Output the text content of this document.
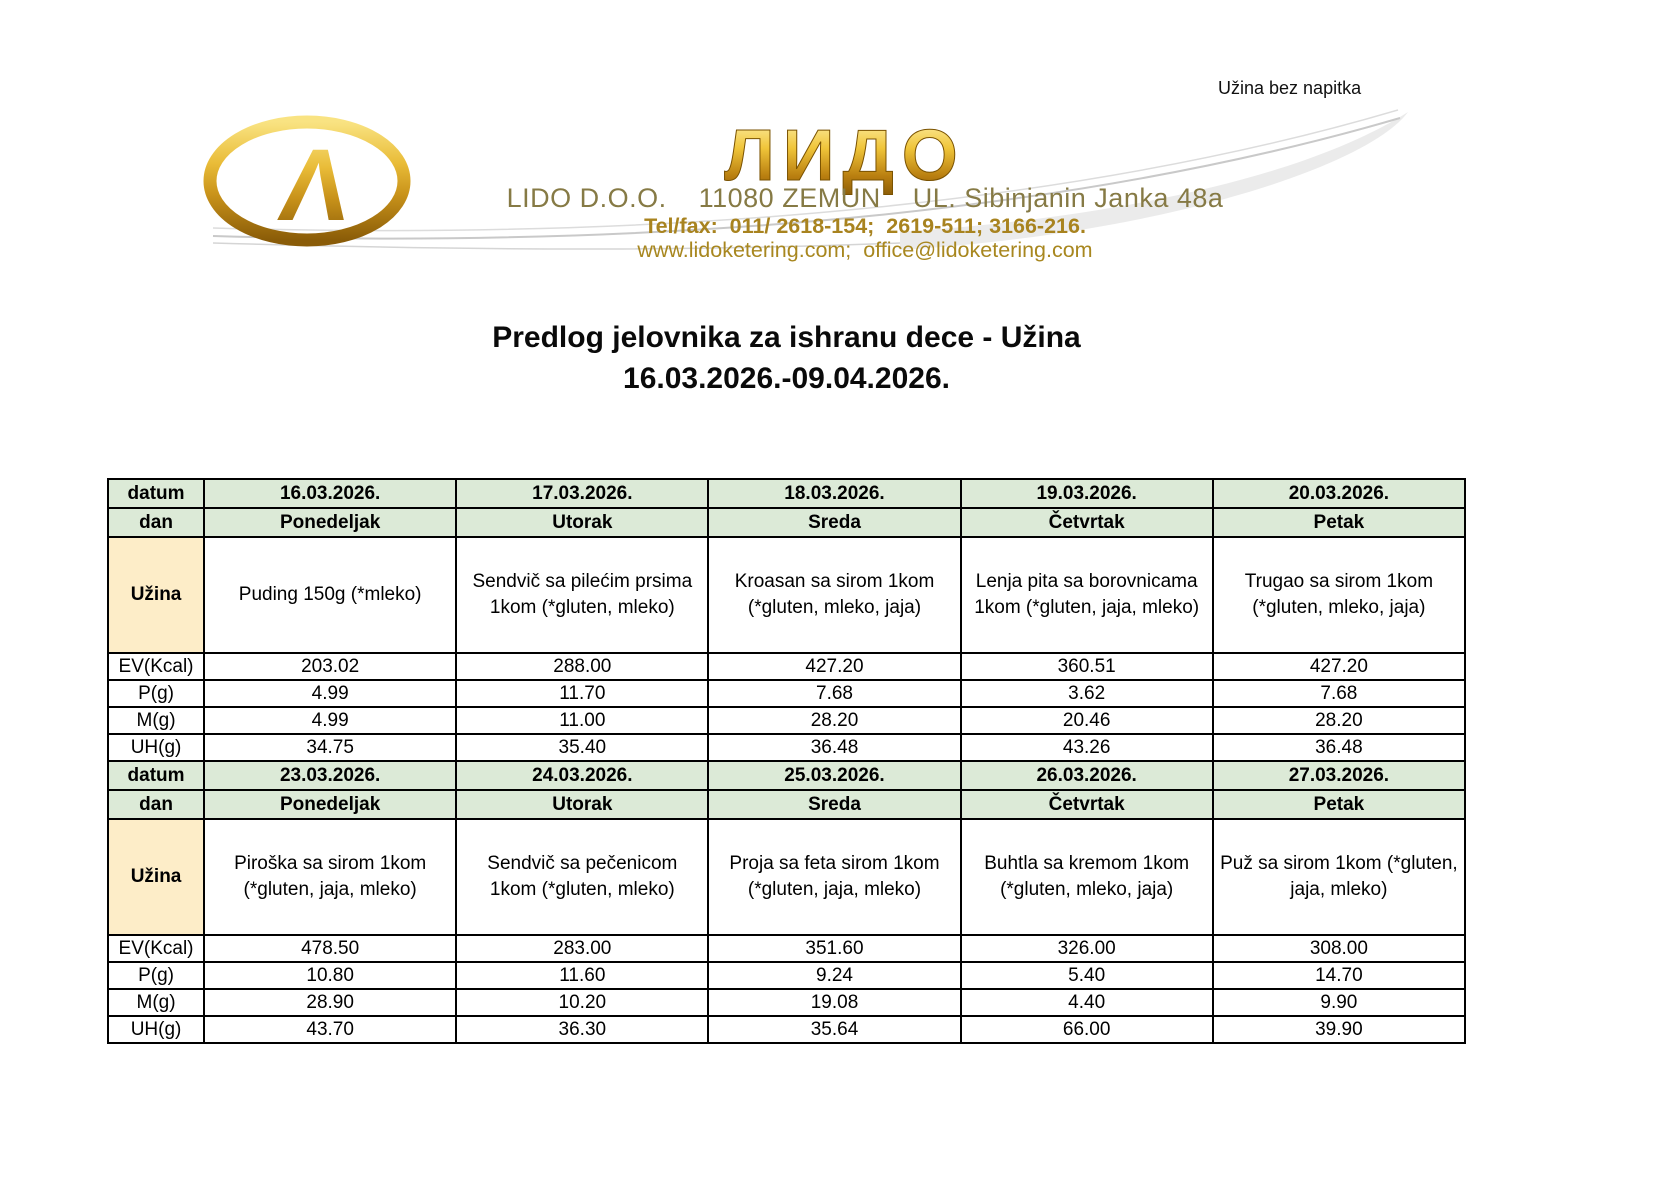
Užina bez napitka
Λ	ЛИДО
LIDO D.O.O.    11080 ZEMUN    UL. Sibinjanin Janka 48a
Tel/fax:  011/ 2618-154;  2619-511; 3166-216.
www.lidoketering.com;  office@lidoketering.com
Predlog jelovnika za ishranu dece - Užina
16.03.2026.-09.04.2026.
datum	16.03.2026.	17.03.2026.	18.03.2026.	19.03.2026.	20.03.2026.
dan	Ponedeljak	Utorak	Sreda	Četvrtak	Petak
Užina	Puding 150g (*mleko)	Sendvič sa pilećim prsima 1kom (*gluten, mleko)	Kroasan sa sirom 1kom (*gluten, mleko, jaja)	Lenja pita sa borovnicama 1kom (*gluten, jaja, mleko)	Trugao sa sirom 1kom (*gluten, mleko, jaja)
EV(Kcal)	203.02	288.00	427.20	360.51	427.20
P(g)	4.99	11.70	7.68	3.62	7.68
M(g)	4.99	11.00	28.20	20.46	28.20
UH(g)	34.75	35.40	36.48	43.26	36.48
datum	23.03.2026.	24.03.2026.	25.03.2026.	26.03.2026.	27.03.2026.
dan	Ponedeljak	Utorak	Sreda	Četvrtak	Petak
Užina	Piroška sa sirom 1kom (*gluten, jaja, mleko)	Sendvič sa pečenicom 1kom (*gluten, mleko)	Proja sa feta sirom 1kom (*gluten, jaja, mleko)	Buhtla sa kremom 1kom (*gluten, mleko, jaja)	Puž sa sirom 1kom (*gluten, jaja, mleko)
EV(Kcal)	478.50	283.00	351.60	326.00	308.00
P(g)	10.80	11.60	9.24	5.40	14.70
M(g)	28.90	10.20	19.08	4.40	9.90
UH(g)	43.70	36.30	35.64	66.00	39.90
